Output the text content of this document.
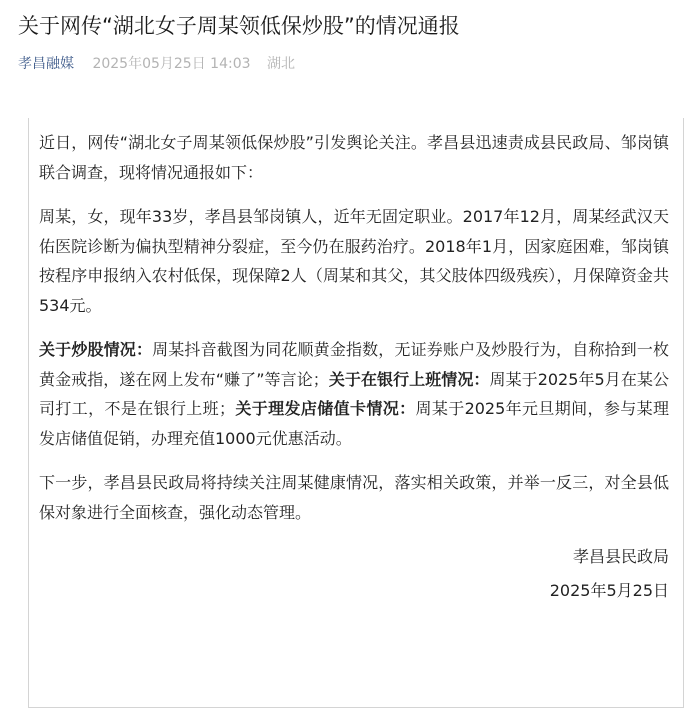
关于网传“湖北女子周某领低保炒股”的情况通报
孝昌融媒 2025年05月25日 14:03 湖北

近日，网传“湖北女子周某领低保炒股”引发舆论关注。孝昌县迅速责成县民政局、邹岗镇联合调查，现将情况通报如下：

周某，女，现年33岁，孝昌县邹岗镇人，近年无固定职业。2017年12月，周某经武汉天佑医院诊断为偏执型精神分裂症，至今仍在服药治疗。2018年1月，因家庭困难，邹岗镇按程序申报纳入农村低保，现保障2人（周某和其父，其父肢体四级残疾），月保障资金共534元。

关于炒股情况：周某抖音截图为同花顺黄金指数，无证券账户及炒股行为，自称拾到一枚黄金戒指，遂在网上发布“赚了”等言论；关于在银行上班情况：周某于2025年5月在某公司打工，不是在银行上班；关于理发店储值卡情况：周某于2025年元旦期间，参与某理发店储值促销，办理充值1000元优惠活动。

下一步，孝昌县民政局将持续关注周某健康情况，落实相关政策，并举一反三，对全县低保对象进行全面核查，强化动态管理。

孝昌县民政局

2025年5月25日
